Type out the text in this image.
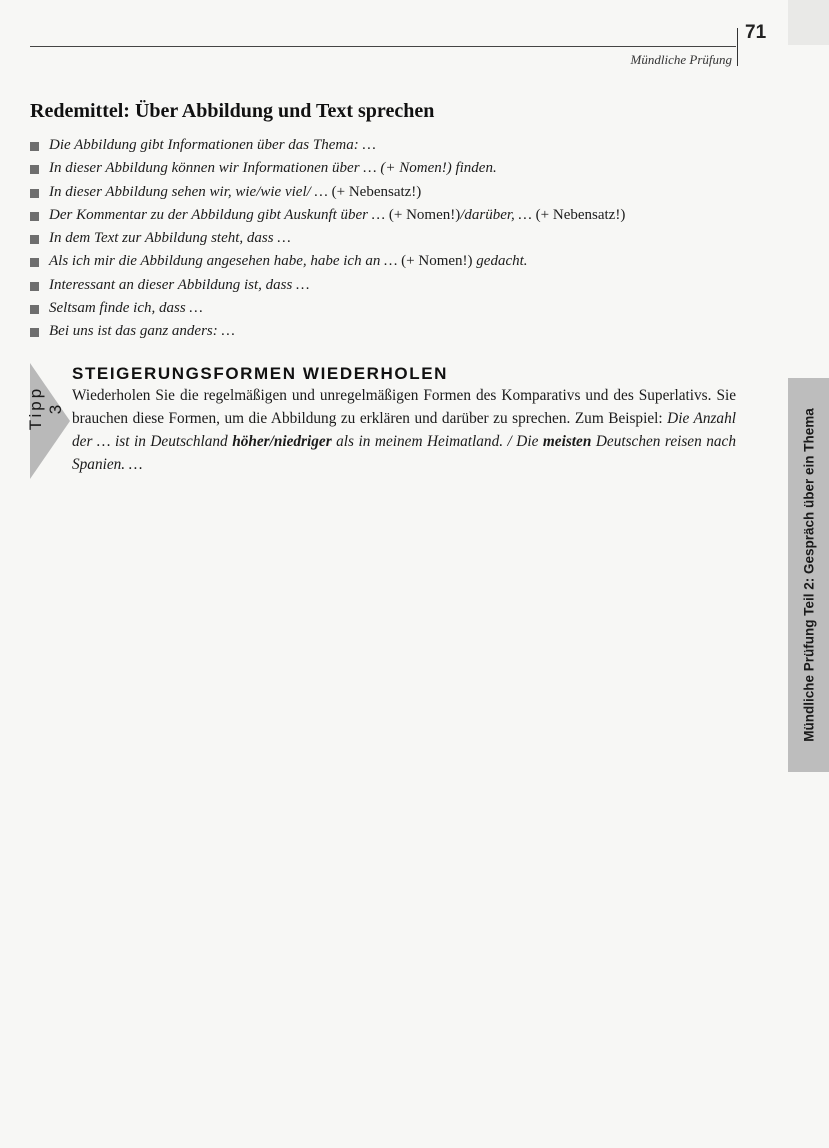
71
Mündliche Prüfung
Mündliche Prüfung Teil 2: Gespräch über ein Thema
Redemittel: Über Abbildung und Text sprechen
Die Abbildung gibt Informationen über das Thema: …
In dieser Abbildung können wir Informationen über … (+ Nomen!) finden.
In dieser Abbildung sehen wir, wie/wie viel/ … (+ Nebensatz!)
Der Kommentar zu der Abbildung gibt Auskunft über … (+ Nomen!)/darüber, … (+ Nebensatz!)
In dem Text zur Abbildung steht, dass …
Als ich mir die Abbildung angesehen habe, habe ich an … (+ Nomen!) gedacht.
Interessant an dieser Abbildung ist, dass …
Seltsam finde ich, dass …
Bei uns ist das ganz anders: …
Tipp 3
STEIGERUNGSFORMEN WIEDERHOLEN
Wiederholen Sie die regelmäßigen und unregelmäßigen Formen des Komparativs und des Superlativs. Sie brauchen diese Formen, um die Abbildung zu erklären und darüber zu sprechen. Zum Beispiel: Die Anzahl der … ist in Deutschland höher/niedriger als in meinem Heimatland. / Die meisten Deutschen reisen nach Spanien. …
